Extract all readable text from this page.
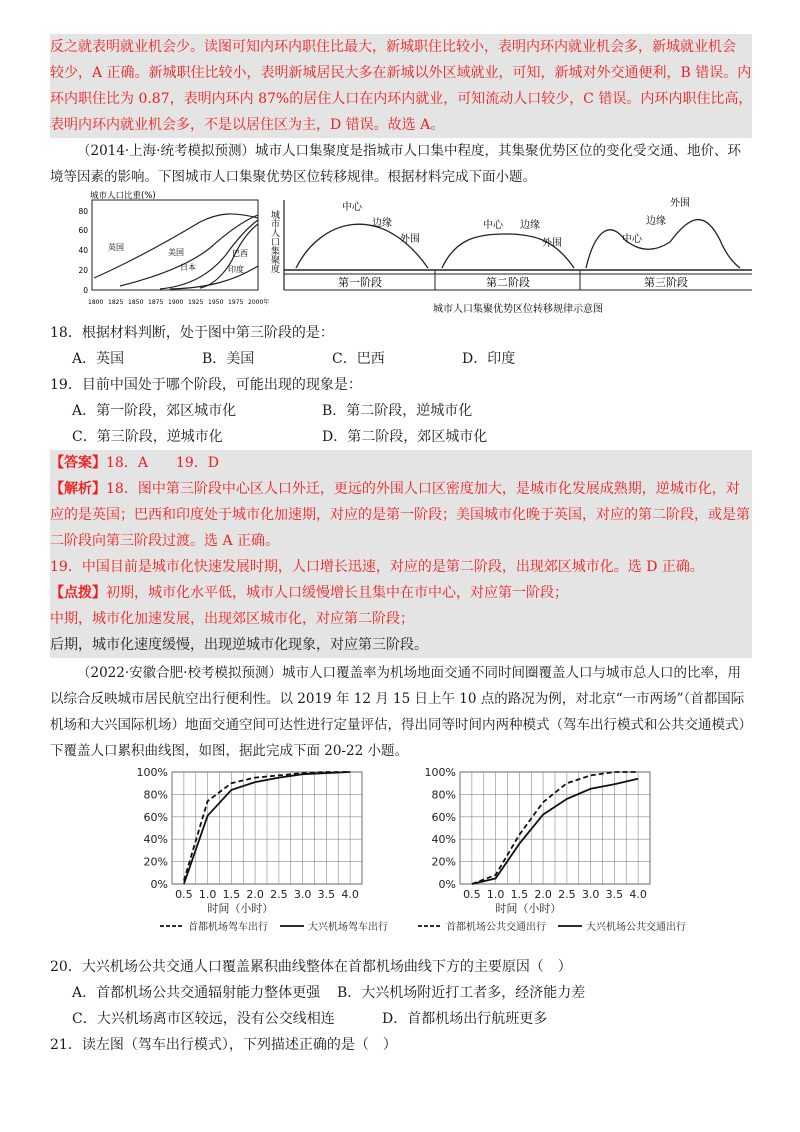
反之就表明就业机会少。读图可知内环内职住比最大，新城职住比较小，表明内环内就业机会多，新城就业机会
较少，A 正确。新城职住比较小，表明新城居民大多在新城以外区域就业，可知，新城对外交通便利，B 错误。内
环内职住比为 0.87，表明内环内 87%的居住人口在内环内就业，可知流动人口较少，C 错误。内环内职住比高，
表明内环内就业机会多，不是以居住区为主，D 错误。故选 A。
（2014·上海·统考模拟预测）城市人口集聚度是指城市人口集中程度，其集聚优势区位的变化受交通、地价、环境等因素的影响。下图城市人口集聚优势区位转移规律。根据材料完成下面小题。
城市人口比重(%)
0
20
40
60
80
英国
美国
日本
巴西
印度
1800 1825 1850 1875 1900 1925 1950 1975 2000年
城市人口集聚度
中心
边缘
外围
中心 边缘
外围	中心
边缘
外围
第一阶段	第二阶段	第三阶段
城市人口集聚优势区位转移规律示意图
18．根据材料判断，处于图中第三阶段的是：
A．英国	B．美国	C．巴西	D．印度
19．目前中国处于哪个阶段，可能出现的现象是：
A．第一阶段，郊区城市化	B．第二阶段，逆城市化
C．第三阶段，逆城市化	D．第二阶段，郊区城市化
【答案】18．A　　19．D
【解析】18．图中第三阶段中心区人口外迁，更远的外围人口区密度加大，是城市化发展成熟期，逆城市化，对
应的是英国；巴西和印度处于城市化加速期，对应的是第一阶段；美国城市化晚于英国，对应的第二阶段，或是第
二阶段向第三阶段过渡。选 A 正确。
19．中国目前是城市化快速发展时期，人口增长迅速，对应的是第二阶段，出现郊区城市化。选 D 正确。
【点拨】初期，城市化水平低，城市人口缓慢增长且集中在市中心，对应第一阶段；
中期，城市化加速发展，出现郊区城市化，对应第二阶段；
后期，城市化速度缓慢，出现逆城市化现象，对应第三阶段。
（2022·安徽合肥·校考模拟预测）城市人口覆盖率为机场地面交通不同时间圈覆盖人口与城市总人口的比率，用以综合反映城市居民航空出行便利性。以 2019 年 12 月 15 日上午 10 点的路况为例，对北京“一市两场”（首都国际机场和大兴国际机场）地面交通空间可达性进行定量评估，得出同等时间内两种模式（驾车出行模式和公共交通模式）下覆盖人口累积曲线图，如图，据此完成下面 20-22 小题。
0%
20%
40%
60%
80%
100%
0.5 1.0 1.5 2.0 2.5 3.0 3.5 4.0
时间（小时）
首都机场驾车出行	大兴机场驾车出行
0%
20%
40%
60%
80%
100%
0.5 1.0 1.5 2.0 2.5 3.0 3.5 4.0
时间（小时）
首都机场公共交通出行	大兴机场公共交通出行
20．大兴机场公共交通人口覆盖累积曲线整体在首都机场曲线下方的主要原因（　）
A．首都机场公共交通辐射能力整体更强	B．大兴机场附近打工者多，经济能力差
C．大兴机场离市区较远，没有公交线相连	D．首都机场出行航班更多
21．读左图（驾车出行模式），下列描述正确的是（　）
